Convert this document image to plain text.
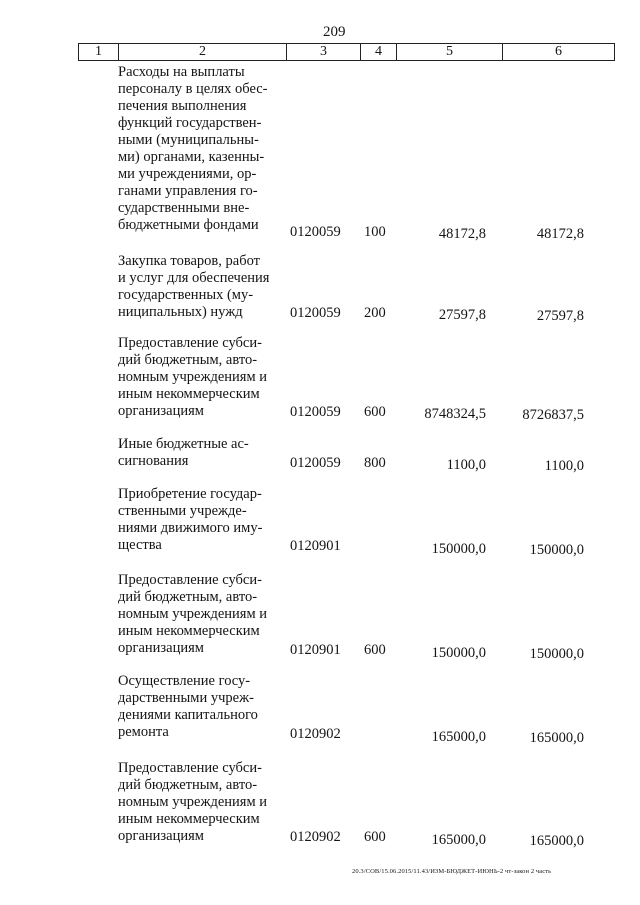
209
1	2	3	4	5	6
Расходы на выплаты
персоналу в целях обес-
печения выполнения
функций государствен-
ными (муниципальны-
ми) органами, казенны-
ми учреждениями, ор-
ганами управления го-
сударственными вне-
бюджетными фондами	0120059 100	48172,8	48172,8
Закупка товаров, работ
и услуг для обеспечения
государственных (му-
ниципальных) нужд	0120059 200	27597,8	27597,8
Предоставление субси-
дий бюджетным, авто-
номным учреждениям и
иным некоммерческим
организациям	0120059 600	8748324,5	8726837,5
Иные бюджетные ас-
сигнования	0120059 800	1100,0	1100,0
Приобретение государ-
ственными учрежде-
ниями движимого иму-
щества	0120901	150000,0	150000,0
Предоставление субси-
дий бюджетным, авто-
номным учреждениям и
иным некоммерческим
организациям	0120901 600	150000,0	150000,0
Осуществление госу-
дарственными учреж-
дениями капитального
ремонта	0120902	165000,0	165000,0
Предоставление субси-
дий бюджетным, авто-
номным учреждениям и
иным некоммерческим
организациям	0120902 600	165000,0	165000,0
20.3/СОВ/15.06.2015/11.43/ИЗМ-БЮДЖЕТ-ИЮНЬ-2 чт-закон 2 часть
